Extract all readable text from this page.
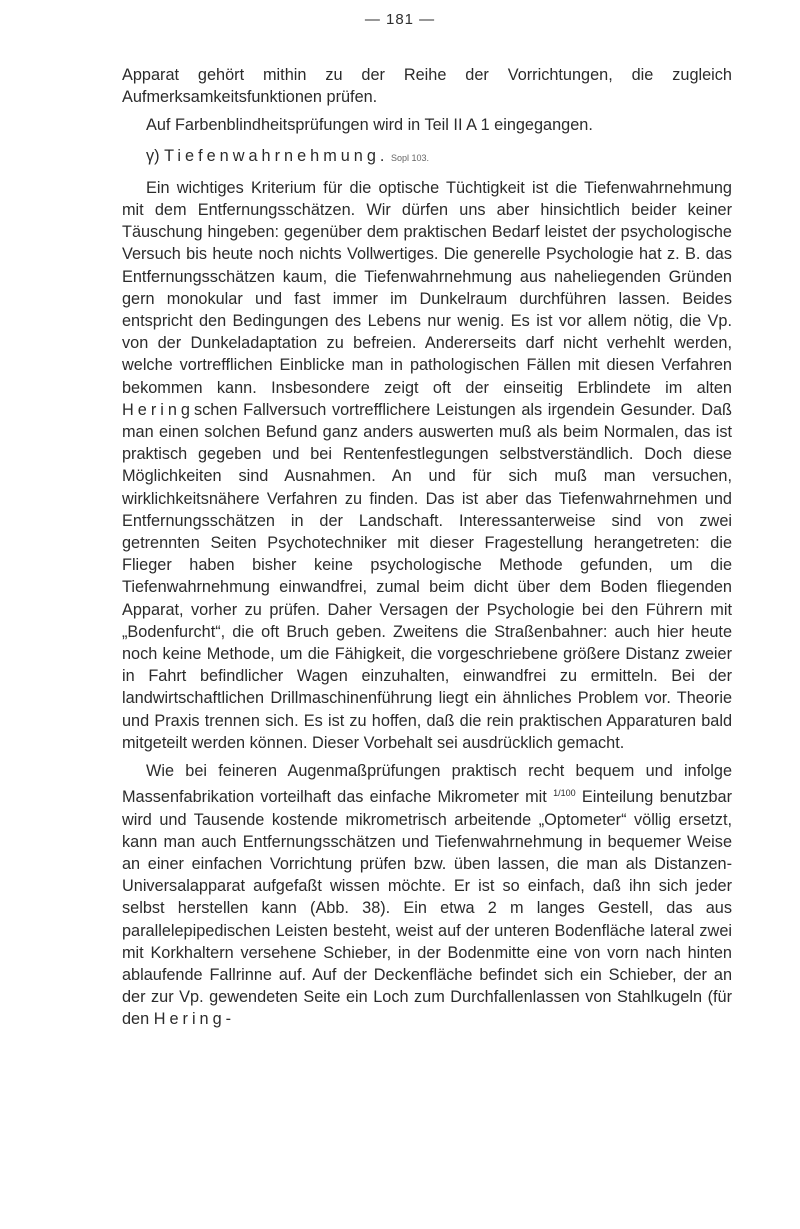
— 181 —

Apparat gehört mithin zu der Reihe der Vorrichtungen, die zugleich Aufmerksamkeitsfunktionen prüfen.

Auf Farbenblindheitsprüfungen wird in Teil II A 1 eingegangen.

γ) Tiefenwahrnehmung. Sopl 103.

Ein wichtiges Kriterium für die optische Tüchtigkeit ist die Tiefenwahrnehmung mit dem Entfernungsschätzen. Wir dürfen uns aber hinsichtlich beider keiner Täuschung hingeben: gegenüber dem praktischen Bedarf leistet der psychologische Versuch bis heute noch nichts Vollwertiges. Die generelle Psychologie hat z. B. das Entfernungsschätzen kaum, die Tiefenwahrnehmung aus naheliegenden Gründen gern monokular und fast immer im Dunkelraum durchführen lassen. Beides entspricht den Bedingungen des Lebens nur wenig. Es ist vor allem nötig, die Vp. von der Dunkeladaptation zu befreien. Andererseits darf nicht verhehlt werden, welche vortrefflichen Einblicke man in pathologischen Fällen mit diesen Verfahren bekommen kann. Insbesondere zeigt oft der einseitig Erblindete im alten Heringschen Fallversuch vortrefflichere Leistungen als irgendein Gesunder. Daß man einen solchen Befund ganz anders auswerten muß als beim Normalen, das ist praktisch gegeben und bei Rentenfestlegungen selbstverständlich. Doch diese Möglichkeiten sind Ausnahmen. An und für sich muß man versuchen, wirklichkeitsnähere Verfahren zu finden. Das ist aber das Tiefenwahrnehmen und Entfernungsschätzen in der Landschaft. Interessanterweise sind von zwei getrennten Seiten Psychotechniker mit dieser Fragestellung herangetreten: die Flieger haben bisher keine psychologische Methode gefunden, um die Tiefenwahrnehmung einwandfrei, zumal beim dicht über dem Boden fliegenden Apparat, vorher zu prüfen. Daher Versagen der Psychologie bei den Führern mit „Bodenfurcht“, die oft Bruch geben. Zweitens die Straßenbahner: auch hier heute noch keine Methode, um die Fähigkeit, die vorgeschriebene größere Distanz zweier in Fahrt befindlicher Wagen einzuhalten, einwandfrei zu ermitteln. Bei der landwirtschaftlichen Drillmaschinenführung liegt ein ähnliches Problem vor. Theorie und Praxis trennen sich. Es ist zu hoffen, daß die rein praktischen Apparaturen bald mitgeteilt werden können. Dieser Vorbehalt sei ausdrücklich gemacht.

Wie bei feineren Augenmaßprüfungen praktisch recht bequem und infolge Massenfabrikation vorteilhaft das einfache Mikrometer mit $^{1/100}$ Einteilung benutzbar wird und Tausende kostende mikrometrisch arbeitende „Optometer“ völlig ersetzt, kann man auch Entfernungsschätzen und Tiefenwahrnehmung in bequemer Weise an einer einfachen Vorrichtung prüfen bzw. üben lassen, die man als Distanzen-Universalapparat aufgefaßt wissen möchte. Er ist so einfach, daß ihn sich jeder selbst herstellen kann (Abb. 38). Ein etwa 2 m langes Gestell, das aus parallelepipedischen Leisten besteht, weist auf der unteren Bodenfläche lateral zwei mit Korkhaltern versehene Schieber, in der Bodenmitte eine von vorn nach hinten ablaufende Fallrinne auf. Auf der Deckenfläche befindet sich ein Schieber, der an der zur Vp. gewendeten Seite ein Loch zum Durchfallenlassen von Stahlkugeln (für den Hering-
